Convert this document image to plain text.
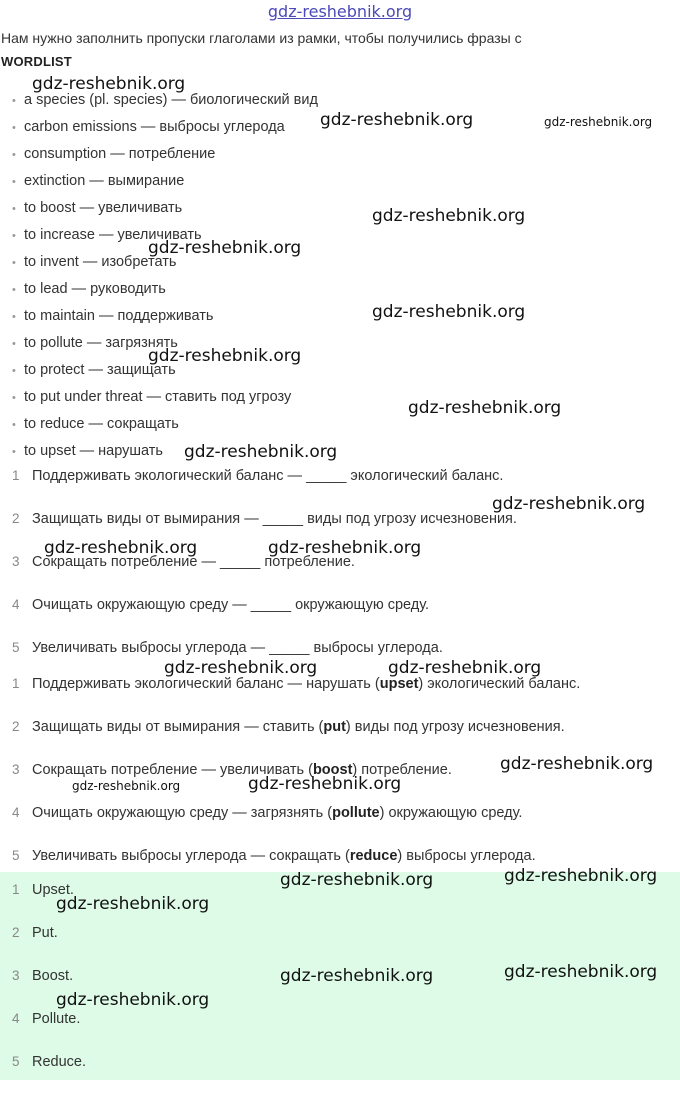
gdz-reshebnik.org
Нам нужно заполнить пропуски глаголами из рамки, чтобы получились фразы с
WORDLIST
• a species (pl. species) — биологический вид
• carbon emissions — выбросы углерода
• consumption — потребление
• extinction — вымирание
• to boost — увеличивать
• to increase — увеличивать
• to invent — изобретать
• to lead — руководить
• to maintain — поддерживать
• to pollute — загрязнять
• to protect — защищать
• to put under threat — ставить под угрозу
• to reduce — сокращать
• to upset — нарушать
1 Поддерживать экологический баланс — _____ экологический баланс.
2 Защищать виды от вымирания — _____ виды под угрозу исчезновения.
3 Сокращать потребление — _____ потребление.
4 Очищать окружающую среду — _____ окружающую среду.
5 Увеличивать выбросы углерода — _____ выбросы углерода.
1 Поддерживать экологический баланс — нарушать (upset) экологический баланс.
2 Защищать виды от вымирания — ставить (put) виды под угрозу исчезновения.
3 Сокращать потребление — увеличивать (boost) потребление.
4 Очищать окружающую среду — загрязнять (pollute) окружающую среду.
5 Увеличивать выбросы углерода — сокращать (reduce) выбросы углерода.
1 Upset.
2 Put.
3 Boost.
4 Pollute.
5 Reduce.
gdz-reshebnik.org
gdz-reshebnik.org	gdz-reshebnik.org
gdz-reshebnik.org
gdz-reshebnik.org
gdz-reshebnik.org
gdz-reshebnik.org
gdz-reshebnik.org
gdz-reshebnik.org
gdz-reshebnik.org
gdz-reshebnik.org	gdz-reshebnik.org
gdz-reshebnik.org	gdz-reshebnik.org
gdz-reshebnik.org
gdz-reshebnik.org	gdz-reshebnik.org
gdz-reshebnik.org	gdz-reshebnik.org
gdz-reshebnik.org
gdz-reshebnik.org	gdz-reshebnik.org
gdz-reshebnik.org
